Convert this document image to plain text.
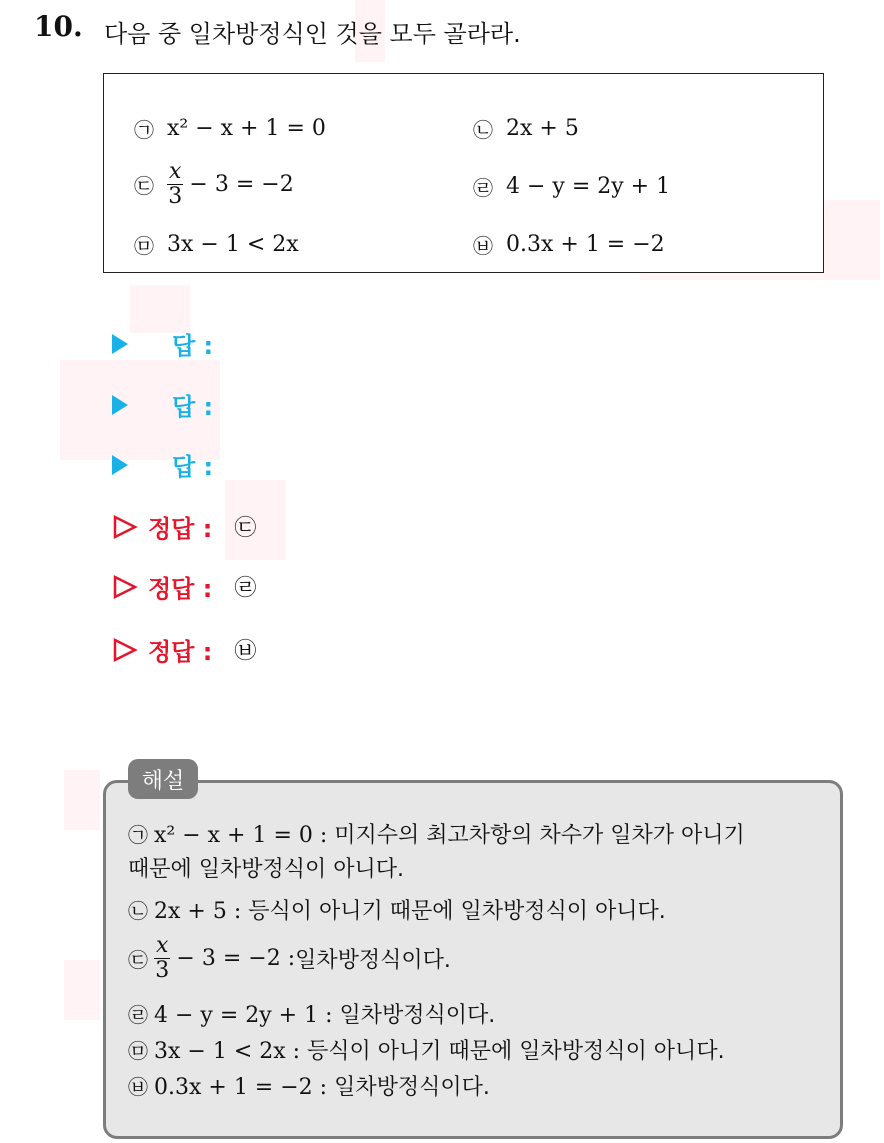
10. 다음 중 일차방정식인 것을 모두 골라라.
㉠ x² − x + 1 = 0	㉡ 2x + 5
㉢ $\frac{x}{3} - 3 = -2$	㉣ 4 − y = 2y + 1
㉤ 3x − 1 < 2x	㉥ 0.3x + 1 = −2
답 :
답 :
답 :
정답 : ㉢
정답 : ㉣
정답 : ㉥
해설
㉠ x² − x + 1 = 0 : 미지수의 최고차항의 차수가 일차가 아니기
때문에 일차방정식이 아니다.
㉡ 2x + 5 : 등식이 아니기 때문에 일차방정식이 아니다.
㉢ $\frac{x}{3} - 3 = -2$ : 일차방정식이다.
㉣ 4 − y = 2y + 1 : 일차방정식이다.
㉤ 3x − 1 < 2x : 등식이 아니기 때문에 일차방정식이 아니다.
㉥ 0.3x + 1 = −2 : 일차방정식이다.
